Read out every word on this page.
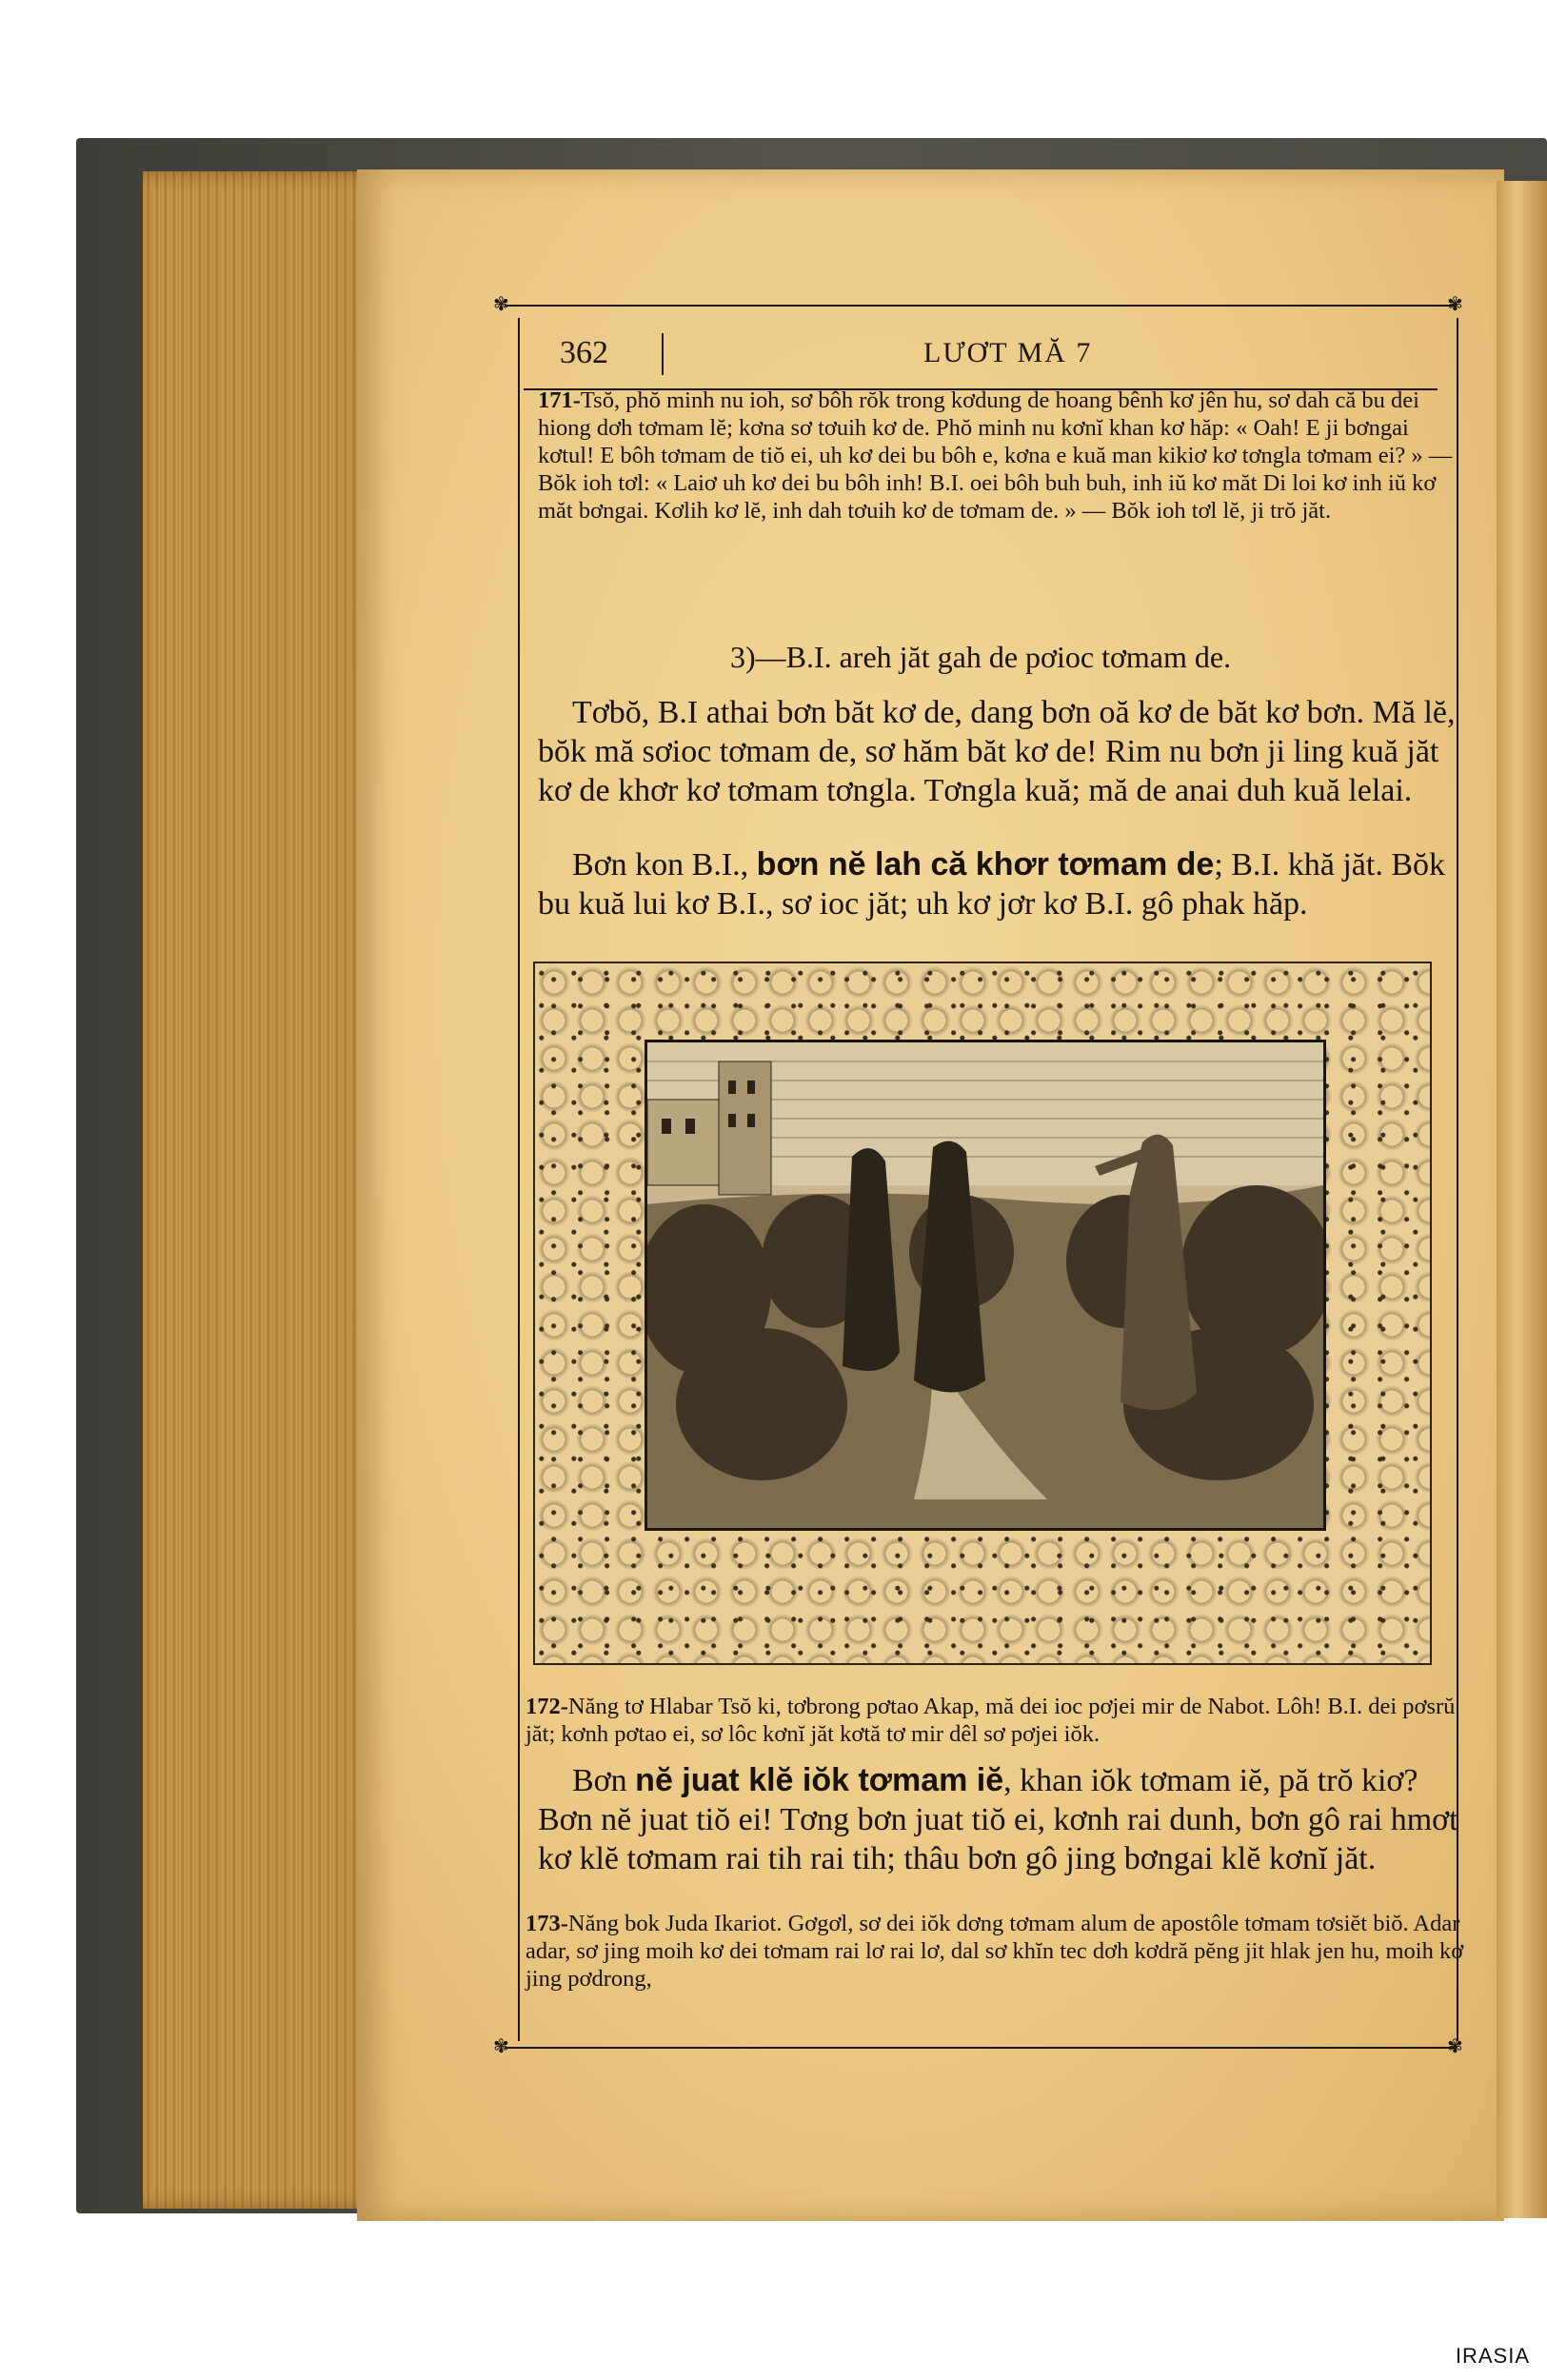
✾	✾
362	LƯƠT MĂ 7
171-Tsŏ, phŏ minh nu ioh, sơ bôh rŏk trong kơdung de hoang bênh kơ jên hu, sơ dah că bu dei hiong dơh tơmam lĕ; kơna sơ tơuih kơ de. Phŏ minh nu kơnĭ khan kơ hăp: « Oah! E ji bơngai kơtul! E bôh tơmam de tiŏ ei, uh kơ dei bu bôh e, kơna e kuă man kikiơ kơ tơngla tơmam ei? » — Bŏk ioh tơl: « Laiơ uh kơ dei bu bôh inh! B.I. oei bôh buh buh, inh iŭ kơ măt Di loi kơ inh iŭ kơ măt bơngai. Kơlih kơ lĕ, inh dah tơuih kơ de tơmam de. » — Bŏk ioh tơl lĕ, ji trŏ jăt.
3)—B.I. areh jăt gah de pơioc tơmam de.
Tơbŏ, B.I athai bơn băt kơ de, dang bơn oă kơ de băt kơ bơn. Mă lĕ, bŏk mă sơioc tơmam de, sơ hăm băt kơ de! Rim nu bơn ji ling kuă jăt kơ de khơr kơ tơmam tơngla. Tơngla kuă; mă de anai duh kuă lelai.
Bơn kon B.I., bơn nĕ lah că khơr tơmam de; B.I. khă jăt. Bŏk bu kuă lui kơ B.I., sơ ioc jăt; uh kơ jơr kơ B.I. gô phak hăp.
172-Năng tơ Hlabar Tsŏ ki, tơbrong pơtao Akap, mă dei ioc pơjei mir de Nabot. Lôh! B.I. dei pơsrŭ jăt; kơnh pơtao ei, sơ lôc kơnĭ jăt kơtă tơ mir dêl sơ pơjei iŏk.
Bơn nĕ juat klĕ iŏk tơmam iĕ, khan iŏk tơmam iĕ, pă trŏ kiơ? Bơn nĕ juat tiŏ ei! Tơng bơn juat tiŏ ei, kơnh rai dunh, bơn gô rai hmơt kơ klĕ tơmam rai tih rai tih; thâu bơn gô jing bơngai klĕ kơnĭ jăt.
173-Năng bok Juda Ikariot. Gơgơl, sơ dei iŏk dơng tơmam alum de apostôle tơmam tơsiĕt biŏ. Adar adar, sơ jing moih kơ dei tơmam rai lơ rai lơ, dal sơ khĭn tec dơh kơdră pĕng jit hlak jen hu, moih kơ jing pơdrong,
✾	✾
IRASIA
